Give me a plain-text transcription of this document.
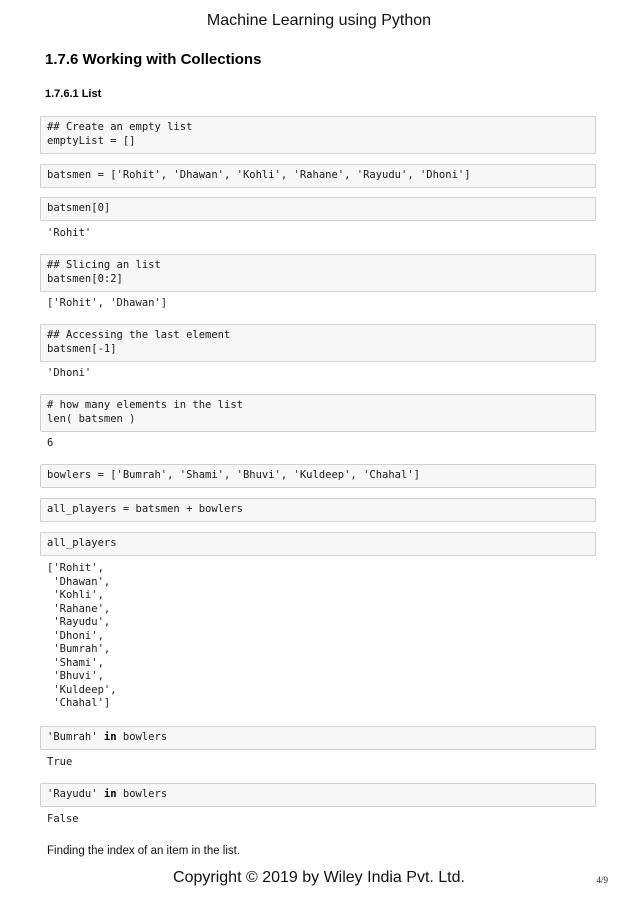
Machine Learning using Python
1.7.6 Working with Collections
1.7.6.1 List
## Create an empty list
emptyList = []
batsmen = ['Rohit', 'Dhawan', 'Kohli', 'Rahane', 'Rayudu', 'Dhoni']
batsmen[0]
'Rohit'
## Slicing an list
batsmen[0:2]
['Rohit', 'Dhawan']
## Accessing the last element
batsmen[-1]
'Dhoni'
# how many elements in the list
len( batsmen )
6
bowlers = ['Bumrah', 'Shami', 'Bhuvi', 'Kuldeep', 'Chahal']
all_players = batsmen + bowlers
all_players
['Rohit',
'Dhawan',
'Kohli',
'Rahane',
'Rayudu',
'Dhoni',
'Bumrah',
'Shami',
'Bhuvi',
'Kuldeep',
'Chahal']
'Bumrah' in bowlers
True
'Rayudu' in bowlers
False
Finding the index of an item in the list.
Copyright © 2019 by Wiley India Pvt. Ltd.	4/9
